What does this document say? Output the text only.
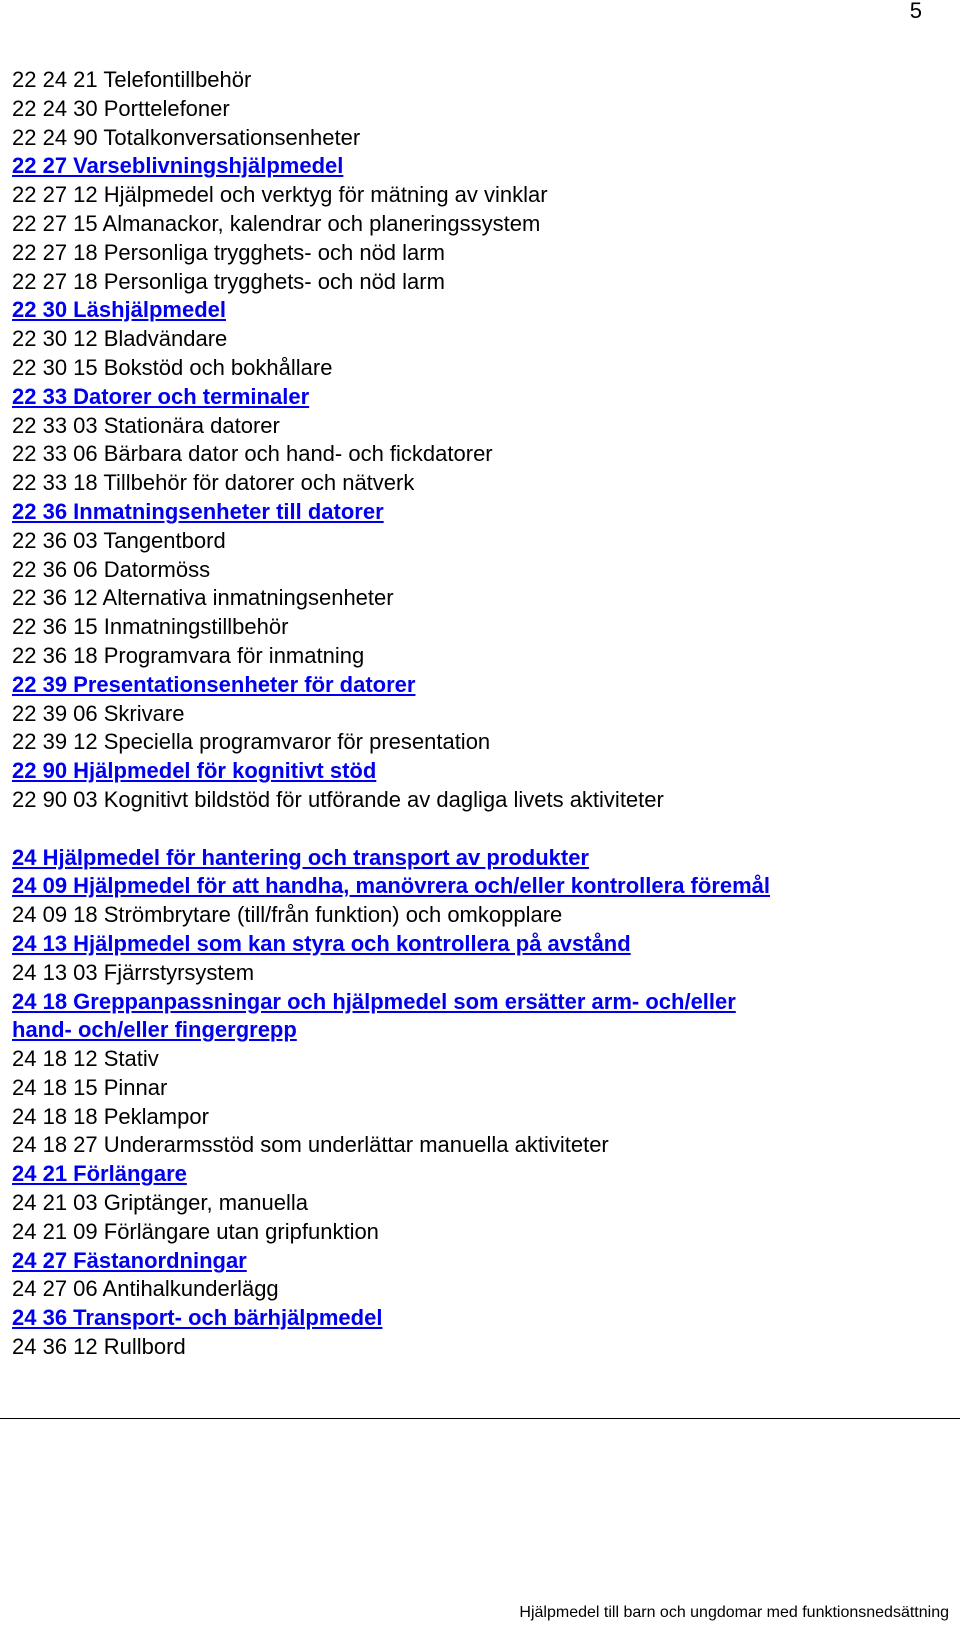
5
22 24 21 Telefontillbehör
22 24 30 Porttelefoner
22 24 90 Totalkonversationsenheter
22 27 Varseblivningshjälpmedel
22 27 12 Hjälpmedel och verktyg för mätning av vinklar
22 27 15 Almanackor, kalendrar och planeringssystem
22 27 18 Personliga trygghets- och nöd larm
22 27 18 Personliga trygghets- och nöd larm
22 30 Läshjälpmedel
22 30 12 Bladvändare
22 30 15 Bokstöd och bokhållare
22 33 Datorer och terminaler
22 33 03 Stationära datorer
22 33 06 Bärbara dator och hand- och fickdatorer
22 33 18 Tillbehör för datorer och nätverk
22 36 Inmatningsenheter till datorer
22 36 03 Tangentbord
22 36 06 Datormöss
22 36 12 Alternativa inmatningsenheter
22 36 15 Inmatningstillbehör
22 36 18 Programvara för inmatning
22 39 Presentationsenheter för datorer
22 39 06 Skrivare
22 39 12 Speciella programvaror för presentation
22 90 Hjälpmedel för kognitivt stöd
22 90 03 Kognitivt bildstöd för utförande av dagliga livets aktiviteter
24 Hjälpmedel för hantering och transport av produkter
24 09 Hjälpmedel för att handha, manövrera och/eller kontrollera föremål
24 09 18 Strömbrytare (till/från funktion) och omkopplare
24 13 Hjälpmedel som kan styra och kontrollera på avstånd
24 13 03 Fjärrstyrsystem
24 18 Greppanpassningar och hjälpmedel som ersätter arm- och/eller hand- och/eller fingergrepp
24 18 12 Stativ
24 18 15 Pinnar
24 18 18 Peklampor
24 18 27 Underarmsstöd som underlättar manuella aktiviteter
24 21 Förlängare
24 21 03 Griptänger, manuella
24 21 09 Förlängare utan gripfunktion
24 27 Fästanordningar
24 27 06 Antihalkunderlägg
24 36 Transport- och bärhjälpmedel
24 36 12 Rullbord
Hjälpmedel till barn och ungdomar med funktionsnedsättning
